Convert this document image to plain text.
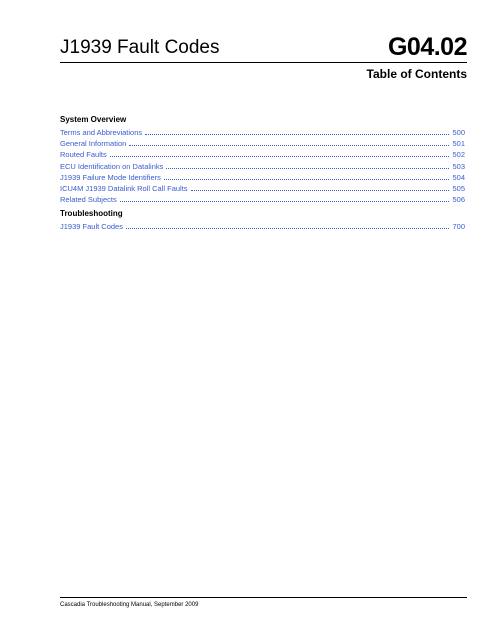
J1939 Fault Codes	G04.02
Table of Contents
System Overview
Terms and Abbreviations	500
General Information	501
Routed Faults	502
ECU Identification on Datalinks	503
J1939 Failure Mode Identifiers	504
ICU4M J1939 Datalink Roll Call Faults	505
Related Subjects	506
Troubleshooting
J1939 Fault Codes	700
Cascadia Troubleshooting Manual, September 2009
